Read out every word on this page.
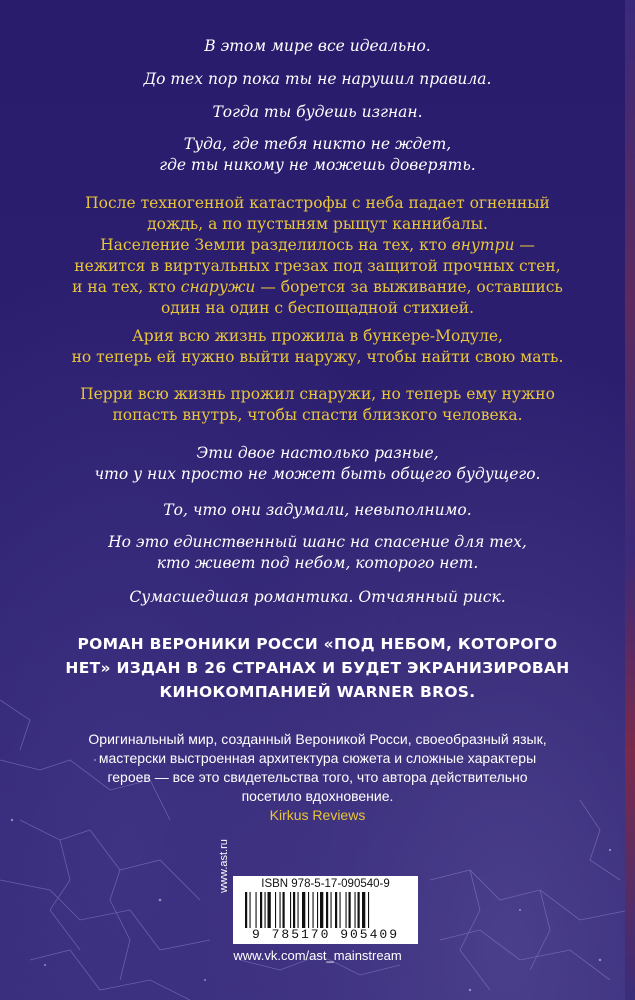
В этом мире все идеально.
До тех пор пока ты не нарушил правила.
Тогда ты будешь изгнан.
Туда, где тебя никто не ждет,
где ты никому не можешь доверять.
После техногенной катастрофы с неба падает огненный
дождь, а по пустыням рыщут каннибалы.
Население Земли разделилось на тех, кто внутри —
нежится в виртуальных грезах под защитой прочных стен,
и на тех, кто снаружи — борется за выживание, оставшись
один на один с беспощадной стихией.
Ария всю жизнь прожила в бункере-Модуле,
но теперь ей нужно выйти наружу, чтобы найти свою мать.
Перри всю жизнь прожил снаружи, но теперь ему нужно
попасть внутрь, чтобы спасти близкого человека.
Эти двое настолько разные,
что у них просто не может быть общего будущего.
То, что они задумали, невыполнимо.
Но это единственный шанс на спасение для тех,
кто живет под небом, которого нет.
Сумасшедшая романтика. Отчаянный риск.
РОМАН ВЕРОНИКИ РОССИ «ПОД НЕБОМ, КОТОРОГО
НЕТ» ИЗДАН В 26 СТРАНАХ И БУДЕТ ЭКРАНИЗИРОВАН
КИНОКОМПАНИЕЙ WARNER BROS.
Оригинальный мир, созданный Вероникой Росси, своеобразный язык,
мастерски выстроенная архитектура сюжета и сложные характеры
героев — все это свидетельства того, что автора действительно
посетило вдохновение.
Kirkus Reviews
www.ast.ru	ISBN 978-5-17-090540-9
9 785170 905409
www.vk.com/ast_mainstream
